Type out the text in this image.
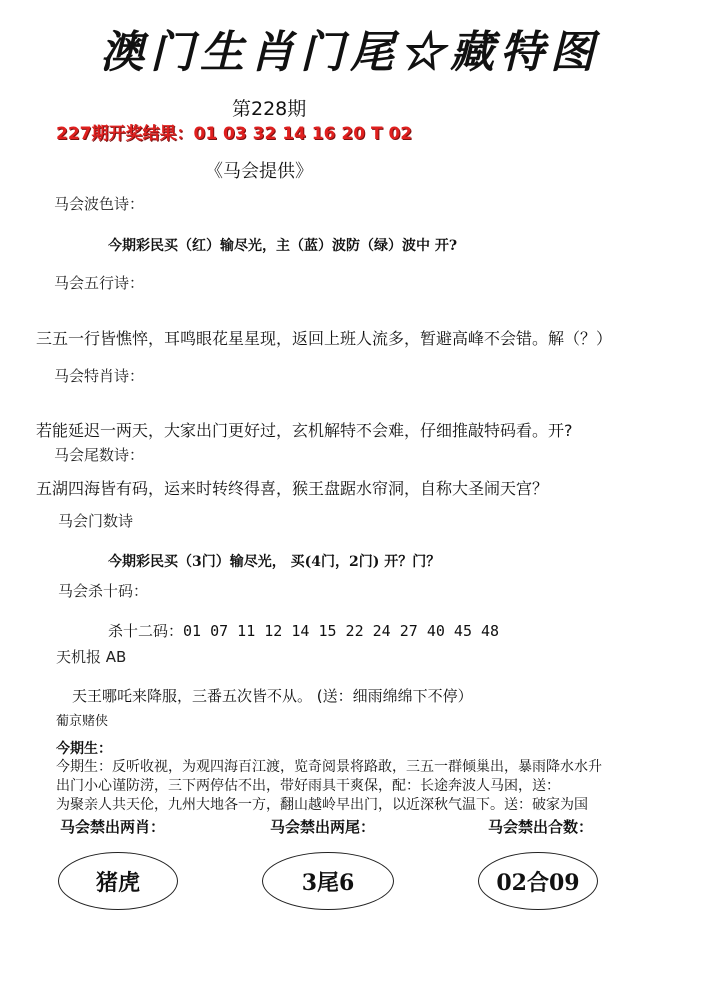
澳门生肖门尾☆藏特图
第228期
227期开奖结果：01 03 32 14 16 20 T 02
《马会提供》
马会波色诗：
今期彩民买（红）输尽光，主（蓝）波防（绿）波中 开?
马会五行诗：
三五一行皆憔悴，耳鸣眼花星星现，返回上班人流多，暂避高峰不会错。解（？）
马会特肖诗：
若能延迟一两天，大家出门更好过，玄机解特不会难，仔细推敲特码看。开?
马会尾数诗：
五湖四海皆有码，运来时转终得喜，猴王盘踞水帘洞，自称大圣闹天宫？
马会门数诗
今期彩民买（3门）输尽光， 买(4门，2门) 开？门？
马会杀十码：
杀十二码：01 07 11 12 14 15 22 24 27 40 45 48
天机报 AB
天王哪吒来降服，三番五次皆不从。 (送：细雨绵绵下不停）
葡京赌侠
今期生：
今期生：反听收视，为观四海百江渡，览奇阅景将路敢，三五一群倾巢出，暴雨降水水升
出门小心谨防涝，三下两停估不出，带好雨具干爽保，配：长途奔波人马困，送：
为聚亲人共天伦，九州大地各一方，翻山越岭早出门，以近深秋气温下。送：破家为国
马会禁出两肖：	马会禁出两尾：	马会禁出合数：
猪虎	3尾6	02合09
